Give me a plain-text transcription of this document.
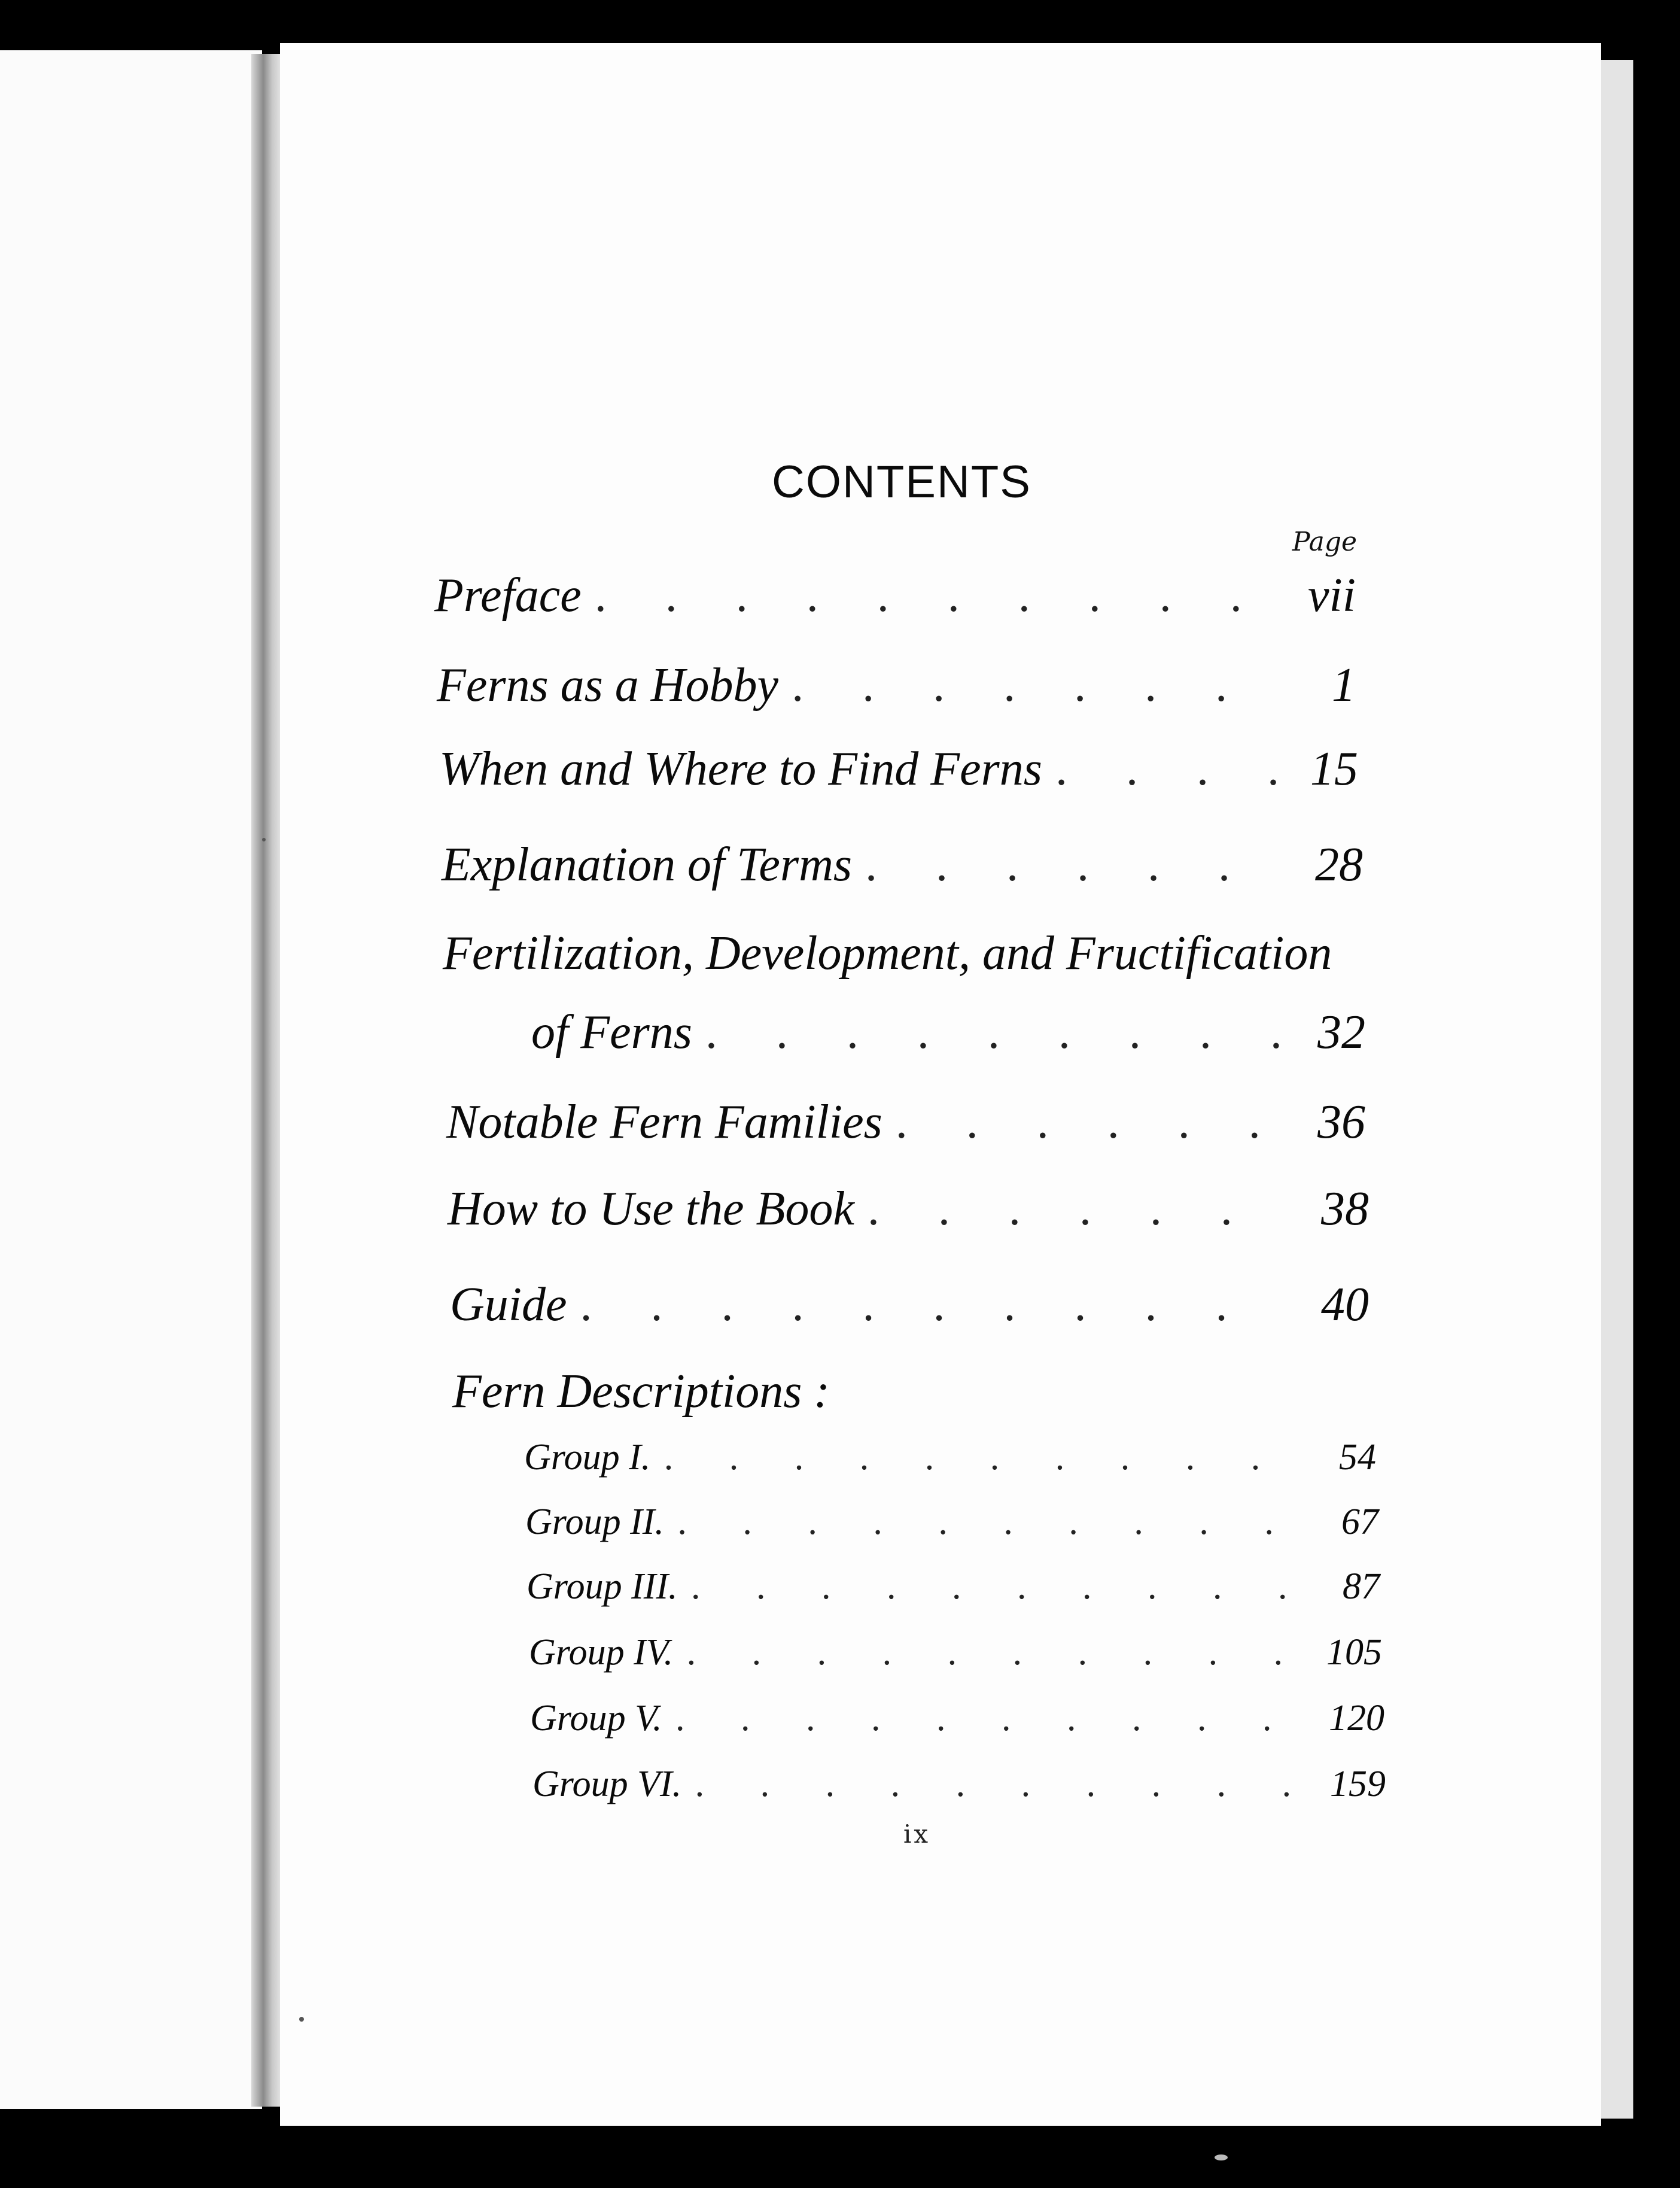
CONTENTS
Page
Preface . . .	vii
Ferns as a Hobby . . .	1
When and Where to Find Ferns . . .	15
Explanation of Terms . . .	28
Fertilization, Development, and Fructification
of Ferns . . .	32
Notable Fern Families . . .	36
How to Use the Book . . .	38
Guide . . .	40
Fern Descriptions :
Group I. . . .	54
Group II. . . .	67
Group III. . . .	87
Group IV. . . .	105
Group V. . . .	120
Group VI. . . .	159
ix
